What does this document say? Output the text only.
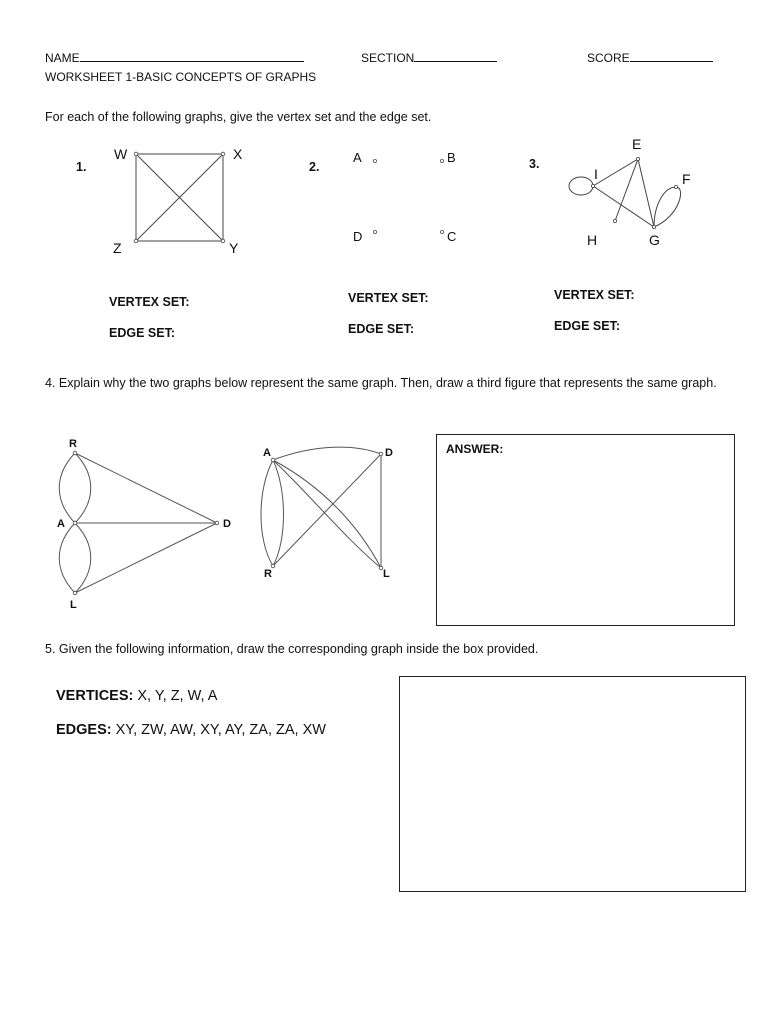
NAME	SECTION	SCORE
WORKSHEET 1-BASIC CONCEPTS OF GRAPHS
For each of the following graphs, give the vertex set and the edge set.
1.	2.	3.
W	X
Z	Y
A	B
D	C
E
I	F
H	G
VERTEX SET:
EDGE SET:
VERTEX SET:
EDGE SET:
VERTEX SET:
EDGE SET:
4. Explain why the two graphs below represent the same graph. Then, draw a third figure that represents the same graph.
R
A	D
L
A	D
R	L
ANSWER:
5. Given the following information, draw the corresponding graph inside the box provided.
VERTICES: X, Y, Z, W, A
EDGES: XY, ZW, AW, XY, AY, ZA, ZA, XW
